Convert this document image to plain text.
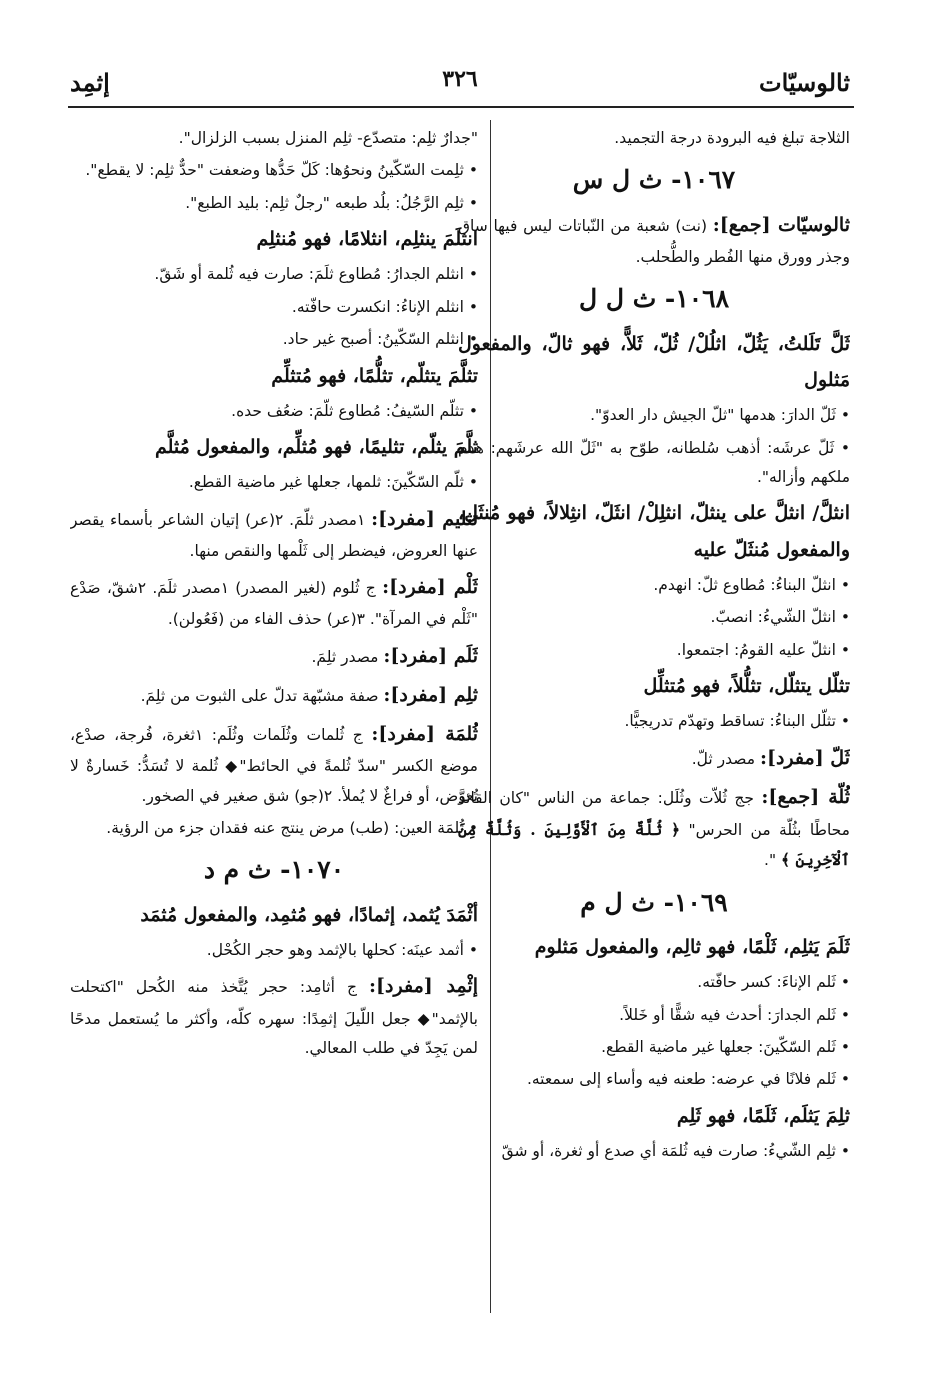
ثالوسيّات
٣٢٦
إثمِد

الثلاجة تبلغ فيه البرودة درجة التجميد.

١٠٦٧- ث ل س

ثالوسيّات [جمع]: (نت) شعبة من النّباتات ليس فيها ساق وجذر وورق منها الفُطر والطُّحلب.

١٠٦٨- ث ل ل

ثَلَّ تَلَلتُ، يَثُلّ، اثلُلْ/ ثُلّ، ثَلاًّ، فهو ثالّ، والمفعول مَثلول

• ثَلّ الدارَ: هدمها "ثلّ الجيش دار العدوّ".

• ثَلّ عرشَه: أذهب سُلطانه، طوّح به "ثَلّ الله عرشَهم: هدم ملكهم وأزاله".

انثلَّ/ انثلَّ على ينثلّ، انثلِلْ/ انثَلّ، انثِلالاً، فهو مُنثَل، والمفعول مُنثَلّ عليه

• انثلّ البناءُ: مُطاوع ثلّ: انهدم.

• انثلّ الشّيءُ: انصبّ.

• انثلّ عليه القومُ: اجتمعوا.

تثلّل يتثلّل، تثلُّلاً، فهو مُتثلِّل

• تثلّل البناءُ: تساقط وتهدّم تدريجيًّا.

ثَلّ [مفرد]: مصدر ثلّ.

ثُلّة [جمع]: جج ثُلاّت وثُلَل: جماعة من الناس "كان القائد محاطًا بثُلّة من الحرس" ﴿ ثُلَّةٌ مِنَ ٱلْأَوَّلِينَ . وَثُلَّةٌ مِنَ ٱلْآخِرِينَ ﴾ ".

١٠٦٩- ث ل م

ثَلَمَ يَثلِم، ثَلْمًا، فهو ثالِم، والمفعول مَثلوم

• ثَلم الإناءَ: كسر حافّته.

• ثَلم الجدارَ: أحدث فيه شقًّا أو خَللاً.

• ثَلم السّكّينَ: جعلها غير ماضية القطع.

• ثَلم فلانًا في عرضه: طعنه فيه وأساء إلى سمعته.

ثلِمَ يَثلَم، ثَلَمًا، فهو ثَلِم

• ثلِم الشّيءُ: صارت فيه ثُلمَة أي صدع أو ثغرة، أو شقّ

"جدارٌ ثلِم: متصدّع- ثلِم المنزل بسبب الزلزال".

• ثلِمت السّكّينُ ونحوُها: كَلّ حَدُّها وضعفت "حدٌّ ثلِم: لا يقطع".

• ثلِم الرَّجُلُ: بلُد طبعه "رجلٌ ثلِم: بليد الطبع".

انثلَمَ ينثلِم، انثلامًا، فهو مُنثلِم

• انثلم الجدارُ: مُطاوع ثلَمَ: صارت فيه ثُلمة أو شَقّ.

• انثلم الإناءُ: انكسرت حافّته.

• انثلم السّكّينُ: أصبح غير حاد.

تثلَّمَ يتثلّم، تثلُّمًا، فهو مُتثلِّم

• تثلّم السّيفُ: مُطاوع ثلّمَ: ضعُف حده.

ثلَّمَ يثلّم، تثليمًا، فهو مُثلِّم، والمفعول مُثلَّم

• ثلّم السّكّينَ: ثلمها، جعلها غير ماضية القطع.

تثليم [مفرد]: ١مصدر ثلّمَ. ٢(عر) إتيان الشاعر بأسماء يقصر عنها العروض، فيضطر إلى ثَلْمها والنقص منها.

ثَلْم [مفرد]: ج ثُلوم (لغير المصدر) ١مصدر ثلَمَ. ٢شقّ، صَدْع "ثَلْم في المرآة". ٣(عر) حذف الفاء من (فَعُولن).

ثَلَم [مفرد]: مصدر ثلِمَ.

ثلِم [مفرد]: صفة مشبّهة تدلّ على الثبوت من ثلِمَ.

ثُلمَة [مفرد]: ج ثُلمات وثُلَمات وثُلَم: ١ثغرة، فُرجة، صدْع، موضع الكسر "سدّ ثُلمةً في الحائط"◆ ثُلمة لا تُسَدُّ: خَسارةٌ لا تُعوَّض، أو فراغٌ لا يُملأ. ٢(جو) شق صغير في الصخور.

• ثُلمَة العين: (طب) مرض ينتج عنه فقدان جزء من الرؤية.

١٠٧٠- ث م د

أثْمَدَ يُثمد، إثمادًا، فهو مُثمِد، والمفعول مُثمَد

• أثمد عينَه: كحلها بالإثمد وهو حجر الكُحْل.

إثْمِد [مفرد]: ج أثامِد: حجر يُتَّخذ منه الكُحل "اكتحلت بالإثمد"◆ جعل اللّيلَ إثمِدًا: سهره كلّه، وأكثر ما يُستعمل مدحًا لمن يَجِدّ في طلب المعالي.
